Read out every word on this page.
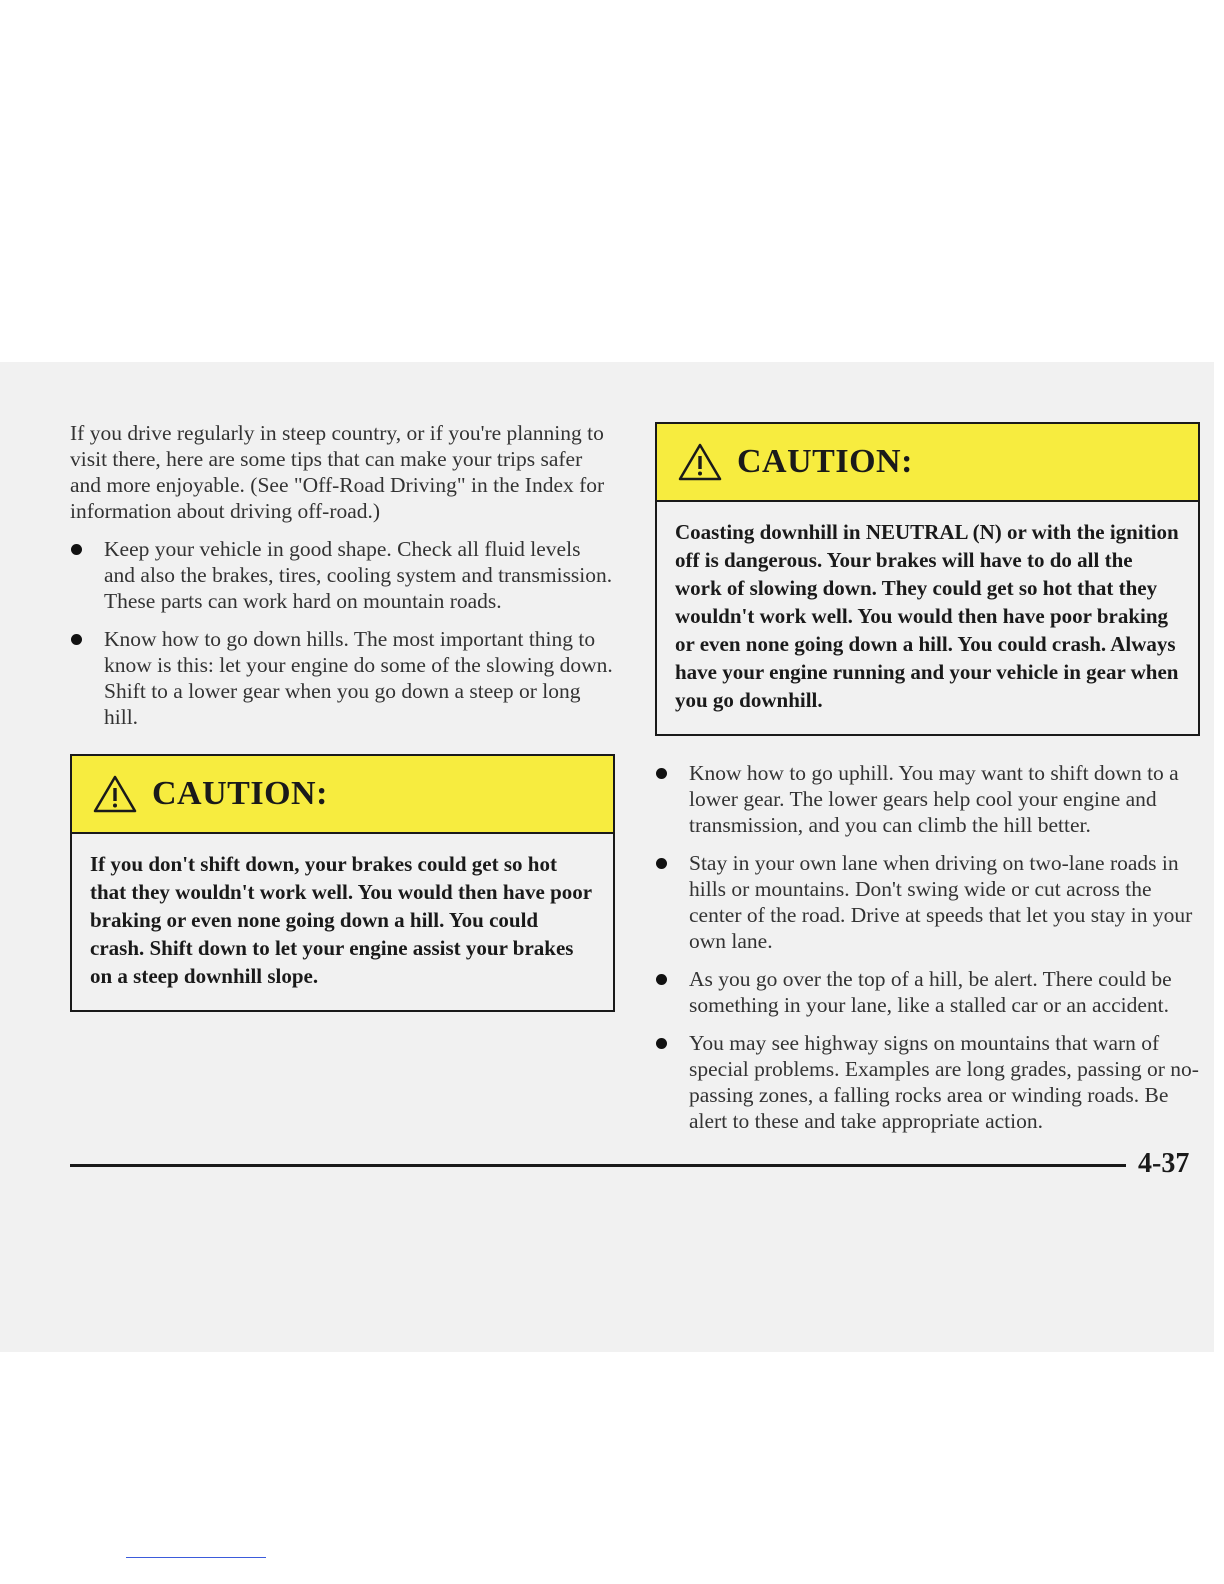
If you drive regularly in steep country, or if you're planning to visit there, here are some tips that can make your trips safer and more enjoyable. (See "Off-Road Driving" in the Index for information about driving off-road.)

Keep your vehicle in good shape. Check all fluid levels and also the brakes, tires, cooling system and transmission. These parts can work hard on mountain roads.
Know how to go down hills. The most important thing to know is this: let your engine do some of the slowing down. Shift to a lower gear when you go down a steep or long hill.
CAUTION:
If you don't shift down, your brakes could get so hot that they wouldn't work well. You would then have poor braking or even none going down a hill. You could crash. Shift down to let your engine assist your brakes on a steep downhill slope.
CAUTION:
Coasting downhill in NEUTRAL (N) or with the ignition off is dangerous. Your brakes will have to do all the work of slowing down. They could get so hot that they wouldn't work well. You would then have poor braking or even none going down a hill. You could crash. Always have your engine running and your vehicle in gear when you go downhill.
Know how to go uphill. You may want to shift down to a lower gear. The lower gears help cool your engine and transmission, and you can climb the hill better.
Stay in your own lane when driving on two-lane roads in hills or mountains. Don't swing wide or cut across the center of the road. Drive at speeds that let you stay in your own lane.
As you go over the top of a hill, be alert. There could be something in your lane, like a stalled car or an accident.
You may see highway signs on mountains that warn of special problems. Examples are long grades, passing or no-passing zones, a falling rocks area or winding roads. Be alert to these and take appropriate action.
4-37
